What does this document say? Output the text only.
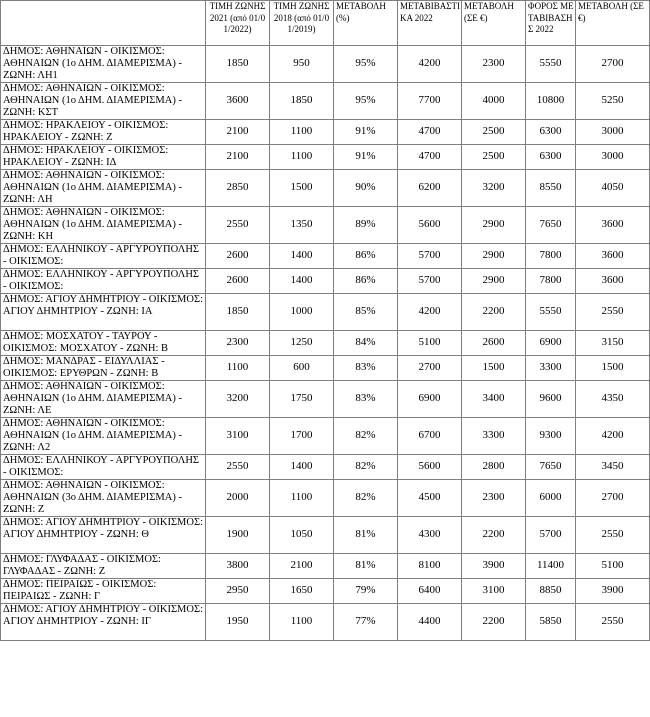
	ΤΙΜΗ ΖΩΝΗΣ 2021 (από 01/01/2022)	ΤΙΜΗ ΖΩΝΗΣ 2018 (από 01/01/2019)	ΜΕΤΑΒΟΛΗ (%)	ΜΕΤΑΒΙΒΑΣΤΙΚΑ 2022	ΜΕΤΑΒΟΛΗ (ΣΕ €)	ΦΟΡΟΣ ΜΕΤΑΒΙΒΑΣΗΣ 2022	ΜΕΤΑΒΟΛΗ (ΣΕ €)
ΔΗΜΟΣ: ΑΘΗΝΑΙΩΝ - ΟΙΚΙΣΜΟΣ: ΑΘΗΝΑΙΩΝ (1ο ΔΗΜ. ΔΙΑΜΕΡΙΣΜΑ) - ΖΩΝΗ: ΛΗ1	1850	950	95%	4200	2300	5550	2700
ΔΗΜΟΣ: ΑΘΗΝΑΙΩΝ - ΟΙΚΙΣΜΟΣ: ΑΘΗΝΑΙΩΝ (1ο ΔΗΜ. ΔΙΑΜΕΡΙΣΜΑ) - ΖΩΝΗ: ΚΣΤ	3600	1850	95%	7700	4000	10800	5250
ΔΗΜΟΣ: ΗΡΑΚΛΕΙΟΥ - ΟΙΚΙΣΜΟΣ: ΗΡΑΚΛΕΙΟΥ - ΖΩΝΗ: Ζ	2100	1100	91%	4700	2500	6300	3000
ΔΗΜΟΣ: ΗΡΑΚΛΕΙΟΥ - ΟΙΚΙΣΜΟΣ: ΗΡΑΚΛΕΙΟΥ - ΖΩΝΗ: ΙΔ	2100	1100	91%	4700	2500	6300	3000
ΔΗΜΟΣ: ΑΘΗΝΑΙΩΝ - ΟΙΚΙΣΜΟΣ: ΑΘΗΝΑΙΩΝ (1ο ΔΗΜ. ΔΙΑΜΕΡΙΣΜΑ) - ΖΩΝΗ: ΛΗ	2850	1500	90%	6200	3200	8550	4050
ΔΗΜΟΣ: ΑΘΗΝΑΙΩΝ - ΟΙΚΙΣΜΟΣ: ΑΘΗΝΑΙΩΝ (1ο ΔΗΜ. ΔΙΑΜΕΡΙΣΜΑ) - ΖΩΝΗ: ΚΗ	2550	1350	89%	5600	2900	7650	3600
ΔΗΜΟΣ: ΕΛΛΗΝΙΚΟΥ - ΑΡΓΥΡΟΥΠΟΛΗΣ - ΟΙΚΙΣΜΟΣ:	2600	1400	86%	5700	2900	7800	3600
ΔΗΜΟΣ: ΕΛΛΗΝΙΚΟΥ - ΑΡΓΥΡΟΥΠΟΛΗΣ - ΟΙΚΙΣΜΟΣ:	2600	1400	86%	5700	2900	7800	3600
ΔΗΜΟΣ: ΑΓΙΟΥ ΔΗΜΗΤΡΙΟΥ - ΟΙΚΙΣΜΟΣ: ΑΓΙΟΥ ΔΗΜΗΤΡΙΟΥ - ΖΩΝΗ: ΙΑ	1850	1000	85%	4200	2200	5550	2550
ΔΗΜΟΣ: ΜΟΣΧΑΤΟΥ - ΤΑΥΡΟΥ - ΟΙΚΙΣΜΟΣ: ΜΟΣΧΑΤΟΥ - ΖΩΝΗ: Β	2300	1250	84%	5100	2600	6900	3150
ΔΗΜΟΣ: ΜΑΝΔΡΑΣ - ΕΙΔΥΛΛΙΑΣ - ΟΙΚΙΣΜΟΣ: ΕΡΥΘΡΩΝ - ΖΩΝΗ: Β	1100	600	83%	2700	1500	3300	1500
ΔΗΜΟΣ: ΑΘΗΝΑΙΩΝ - ΟΙΚΙΣΜΟΣ: ΑΘΗΝΑΙΩΝ (1ο ΔΗΜ. ΔΙΑΜΕΡΙΣΜΑ) - ΖΩΝΗ: ΛΕ	3200	1750	83%	6900	3400	9600	4350
ΔΗΜΟΣ: ΑΘΗΝΑΙΩΝ - ΟΙΚΙΣΜΟΣ: ΑΘΗΝΑΙΩΝ (1ο ΔΗΜ. ΔΙΑΜΕΡΙΣΜΑ) - ΖΩΝΗ: Λ2	3100	1700	82%	6700	3300	9300	4200
ΔΗΜΟΣ: ΕΛΛΗΝΙΚΟΥ - ΑΡΓΥΡΟΥΠΟΛΗΣ - ΟΙΚΙΣΜΟΣ:	2550	1400	82%	5600	2800	7650	3450
ΔΗΜΟΣ: ΑΘΗΝΑΙΩΝ - ΟΙΚΙΣΜΟΣ: ΑΘΗΝΑΙΩΝ (3ο ΔΗΜ. ΔΙΑΜΕΡΙΣΜΑ) - ΖΩΝΗ: Ζ	2000	1100	82%	4500	2300	6000	2700
ΔΗΜΟΣ: ΑΓΙΟΥ ΔΗΜΗΤΡΙΟΥ - ΟΙΚΙΣΜΟΣ: ΑΓΙΟΥ ΔΗΜΗΤΡΙΟΥ - ΖΩΝΗ: Θ	1900	1050	81%	4300	2200	5700	2550
ΔΗΜΟΣ: ΓΛΥΦΑΔΑΣ - ΟΙΚΙΣΜΟΣ: ΓΛΥΦΑΔΑΣ - ΖΩΝΗ: Ζ	3800	2100	81%	8100	3900	11400	5100
ΔΗΜΟΣ: ΠΕΙΡΑΙΩΣ - ΟΙΚΙΣΜΟΣ: ΠΕΙΡΑΙΩΣ - ΖΩΝΗ: Γ	2950	1650	79%	6400	3100	8850	3900
ΔΗΜΟΣ: ΑΓΙΟΥ ΔΗΜΗΤΡΙΟΥ - ΟΙΚΙΣΜΟΣ: ΑΓΙΟΥ ΔΗΜΗΤΡΙΟΥ - ΖΩΝΗ: ΙΓ	1950	1100	77%	4400	2200	5850	2550
